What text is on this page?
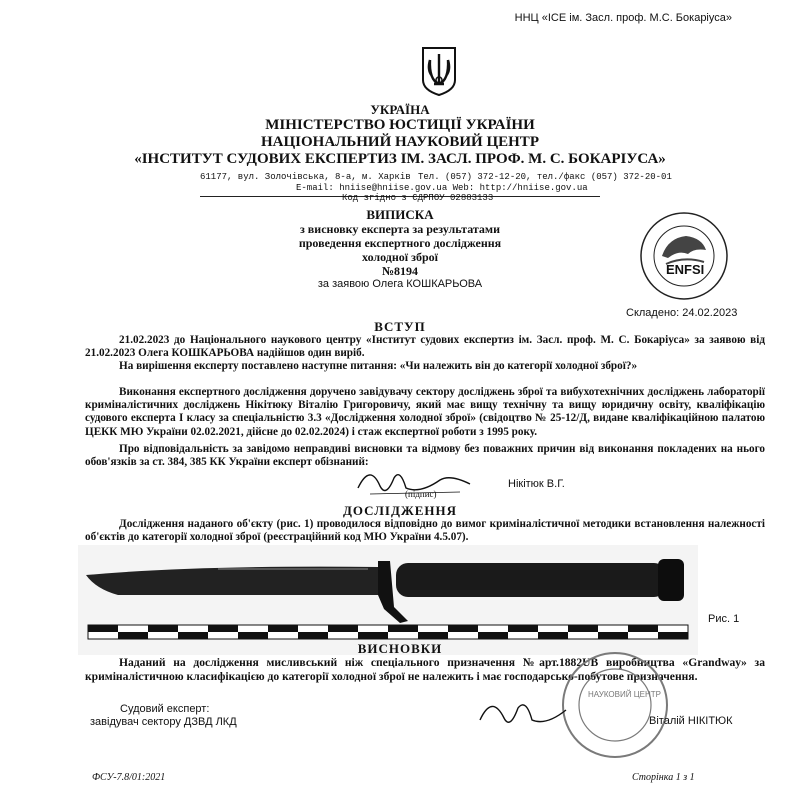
ННЦ «ІСЕ ім. Засл. проф. М.С. Бокаріуса»
УКРАЇНА
МІНІСТЕРСТВО ЮСТИЦІЇ УКРАЇНИ
НАЦІОНАЛЬНИЙ НАУКОВИЙ ЦЕНТР
«ІНСТИТУТ СУДОВИХ ЕКСПЕРТИЗ ІМ. ЗАСЛ. ПРОФ. М. С. БОКАРІУСА»
61177, вул. Золочівська, 8-а, м. Харків Тел. (057) 372-12-20, тел./факс (057) 372-20-01
E-mail: hniise@hniise.gov.ua Web: http://hniise.gov.ua
Код згідно з ЄДРПОУ 02883133
ВИПИСКА
з висновку експерта за результатами
проведення експертного дослідження
холодної зброї
№8194
за заявою Олега КОШКАРЬОВА
ENFSI
Складено: 24.02.2023
ВСТУП
21.02.2023 до Національного наукового центру «Інститут судових експертиз ім. Засл. проф. М. С. Бокаріуса» за заявою від 21.02.2023 Олега КОШКАРЬОВА надійшов один виріб.
На вирішення експерту поставлено наступне питання: «Чи належить він до категорії холодної зброї?»
Виконання експертного дослідження доручено завідувачу сектору досліджень зброї та вибухотехнічних досліджень лабораторії криміналістичних досліджень Нікітюку Віталію Григоровичу, який має вищу технічну та вищу юридичну освіту, кваліфікацію судового експерта І класу за спеціальністю 3.3 «Дослідження холодної зброї» (свідоцтво № 25-12/Д, видане кваліфікаційною палатою ЦЕКК МЮ України 02.02.2021, дійсне до 02.02.2024) і стаж експертної роботи з 1995 року.
Про відповідальність за завідомо неправдиві висновки та відмову без поважних причин від виконання покладених на нього обов'язків за ст. 384, 385 КК України експерт обізнаний:
(підпис)
Нікітюк В.Г.
ДОСЛІДЖЕННЯ
Дослідження наданого об'єкту (рис. 1) проводилося відповідно до вимог криміналістичної методики встановлення належності об'єктів до категорії холодної зброї (реєстраційний код МЮ України 4.5.07).
Рис. 1
ВИСНОВКИ
Наданий на дослідження мисливський ніж спеціального призначення №арт.1882UB виробництва «Grandway» за криміналістичною класифікацією до категорії холодної зброї не належить і має господарсько-побутове призначення.
Судовий експерт:
завідувач сектору ДЗВД ЛКД
НАУКОВИЙ ЦЕНТР
Віталій НІКІТЮК
ФСУ-7.8/01:2021	Сторінка 1 з 1
